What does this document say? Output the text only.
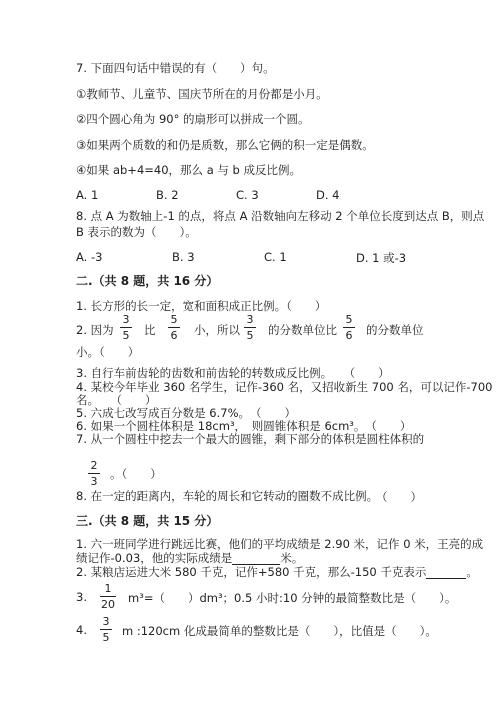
7. 下面四句话中错误的有（　　）句。
①教师节、儿童节、国庆节所在的月份都是小月。
②四个圆心角为 90° 的扇形可以拼成一个圆。
③如果两个质数的和仍是质数，那么它俩的积一定是偶数。
④如果 ab+4=40，那么 a 与 b 成反比例。
A. 1	B. 2	C. 3	D. 4
8. 点 A 为数轴上-1 的点，将点 A 沿数轴向左移动 2 个单位长度到达点 B，则点
B 表示的数为（　　）。
A. -3	B. 3	C. 1	D. 1 或-3
二.（共 8 题，共 16 分）
1. 长方形的长一定，宽和面积成正比例。（　　）
2. 因为
3
5 比
5
6 小，所以
3
5 的分数单位比
5
6 的分数单位
小。（　　）
3. 自行车前齿轮的齿数和前齿轮的转数成反比例。　　（　　）
4. 某校今年毕业 360 名学生，记作-360 名，又招收新生 700 名，可以记作-700
名。　　（　　）
5. 六成七改写成百分数是 6.7%。　（　　）
6. 如果一个圆柱体积是 18cm³，　则圆锥体积是 6cm³。　（　　）
7. 从一个圆柱中挖去一个最大的圆锥，剩下部分的体积是圆柱体积的
2
3
。（　　）
8. 在一定的距离内，车轮的周长和它转动的圈数不成比例。
（　　）
三.（共 8 题，共 15 分）
1. 六一班同学进行跳远比赛，他们的平均成绩是 2.90 米，记作 0 米，王亮的成
绩记作-0.03，他的实际成绩是	米。
2. 某粮店运进大米 580 千克，记作+580 千克，那么-150 千克表示	。
3.
1
20 m³=（　　）dm³；0.5 小时:10 分钟的最简整数比是（　　）。
4.
3
5 m :120cm 化成最简单的整数比是（　　），比值是（　　）。
